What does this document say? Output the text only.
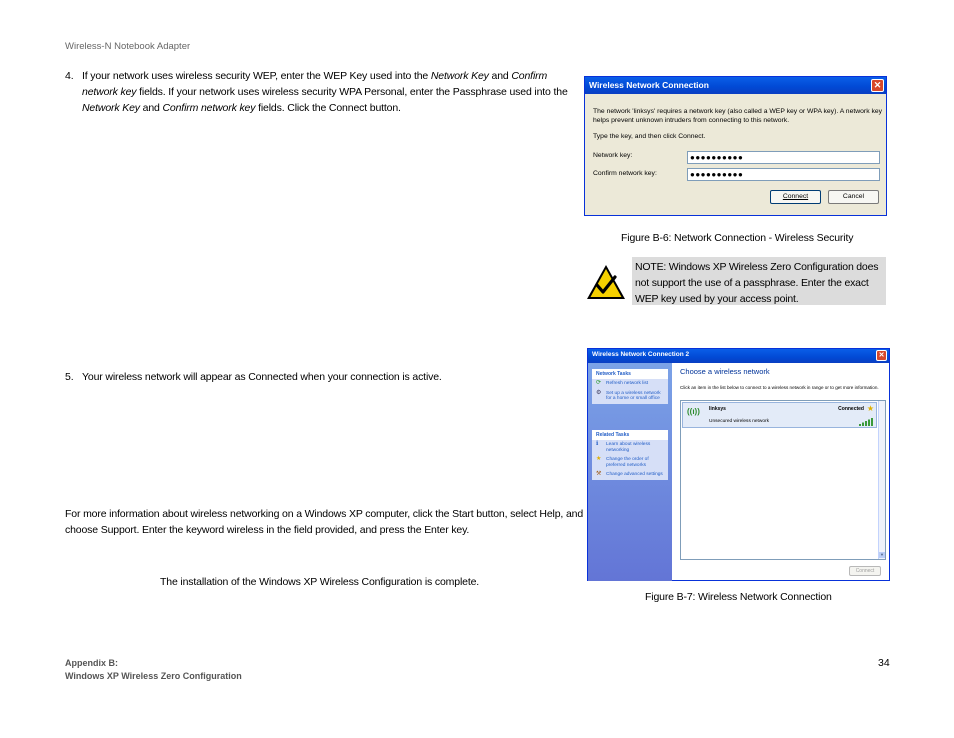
Wireless-N Notebook Adapter
4. If your network uses wireless security WEP, enter the WEP Key used into the Network Key and Confirm network key fields. If your network uses wireless security WPA Personal, enter the Passphrase used into the Network Key and Confirm network key fields. Click the Connect button.
5. Your wireless network will appear as Connected when your connection is active.
For more information about wireless networking on a Windows XP computer, click the Start button, select Help, and choose Support. Enter the keyword wireless in the field provided, and press the Enter key.
The installation of the Windows XP Wireless Configuration is complete.
Wireless Network Connection	✕
The network 'linksys' requires a network key (also called a WEP key or WPA key). A network key helps prevent unknown intruders from connecting to this network.
Type the key, and then click Connect.
Network key:	●●●●●●●●●●
Confirm network key:	●●●●●●●●●●
Connect	Cancel
Figure B-6: Network Connection - Wireless Security
NOTE: Windows XP Wireless Zero Configuration does not support the use of a passphrase. Enter the exact WEP key used by your access point.
Wireless Network Connection 2	✕
Network Tasks
⟳ Refresh network list
⚙ Set up a wireless network for a home or small office
Related Tasks
ℹ Learn about wireless networking
★ Change the order of preferred networks
⚒ Change advanced settings
Choose a wireless network
Click an item in the list below to connect to a wireless network in range or to get more information.
((ı)) linksys	Connected ★
Unsecured wireless network
▼
Connect
Figure B-7: Wireless Network Connection
Appendix B:
Windows XP Wireless Zero Configuration
34
